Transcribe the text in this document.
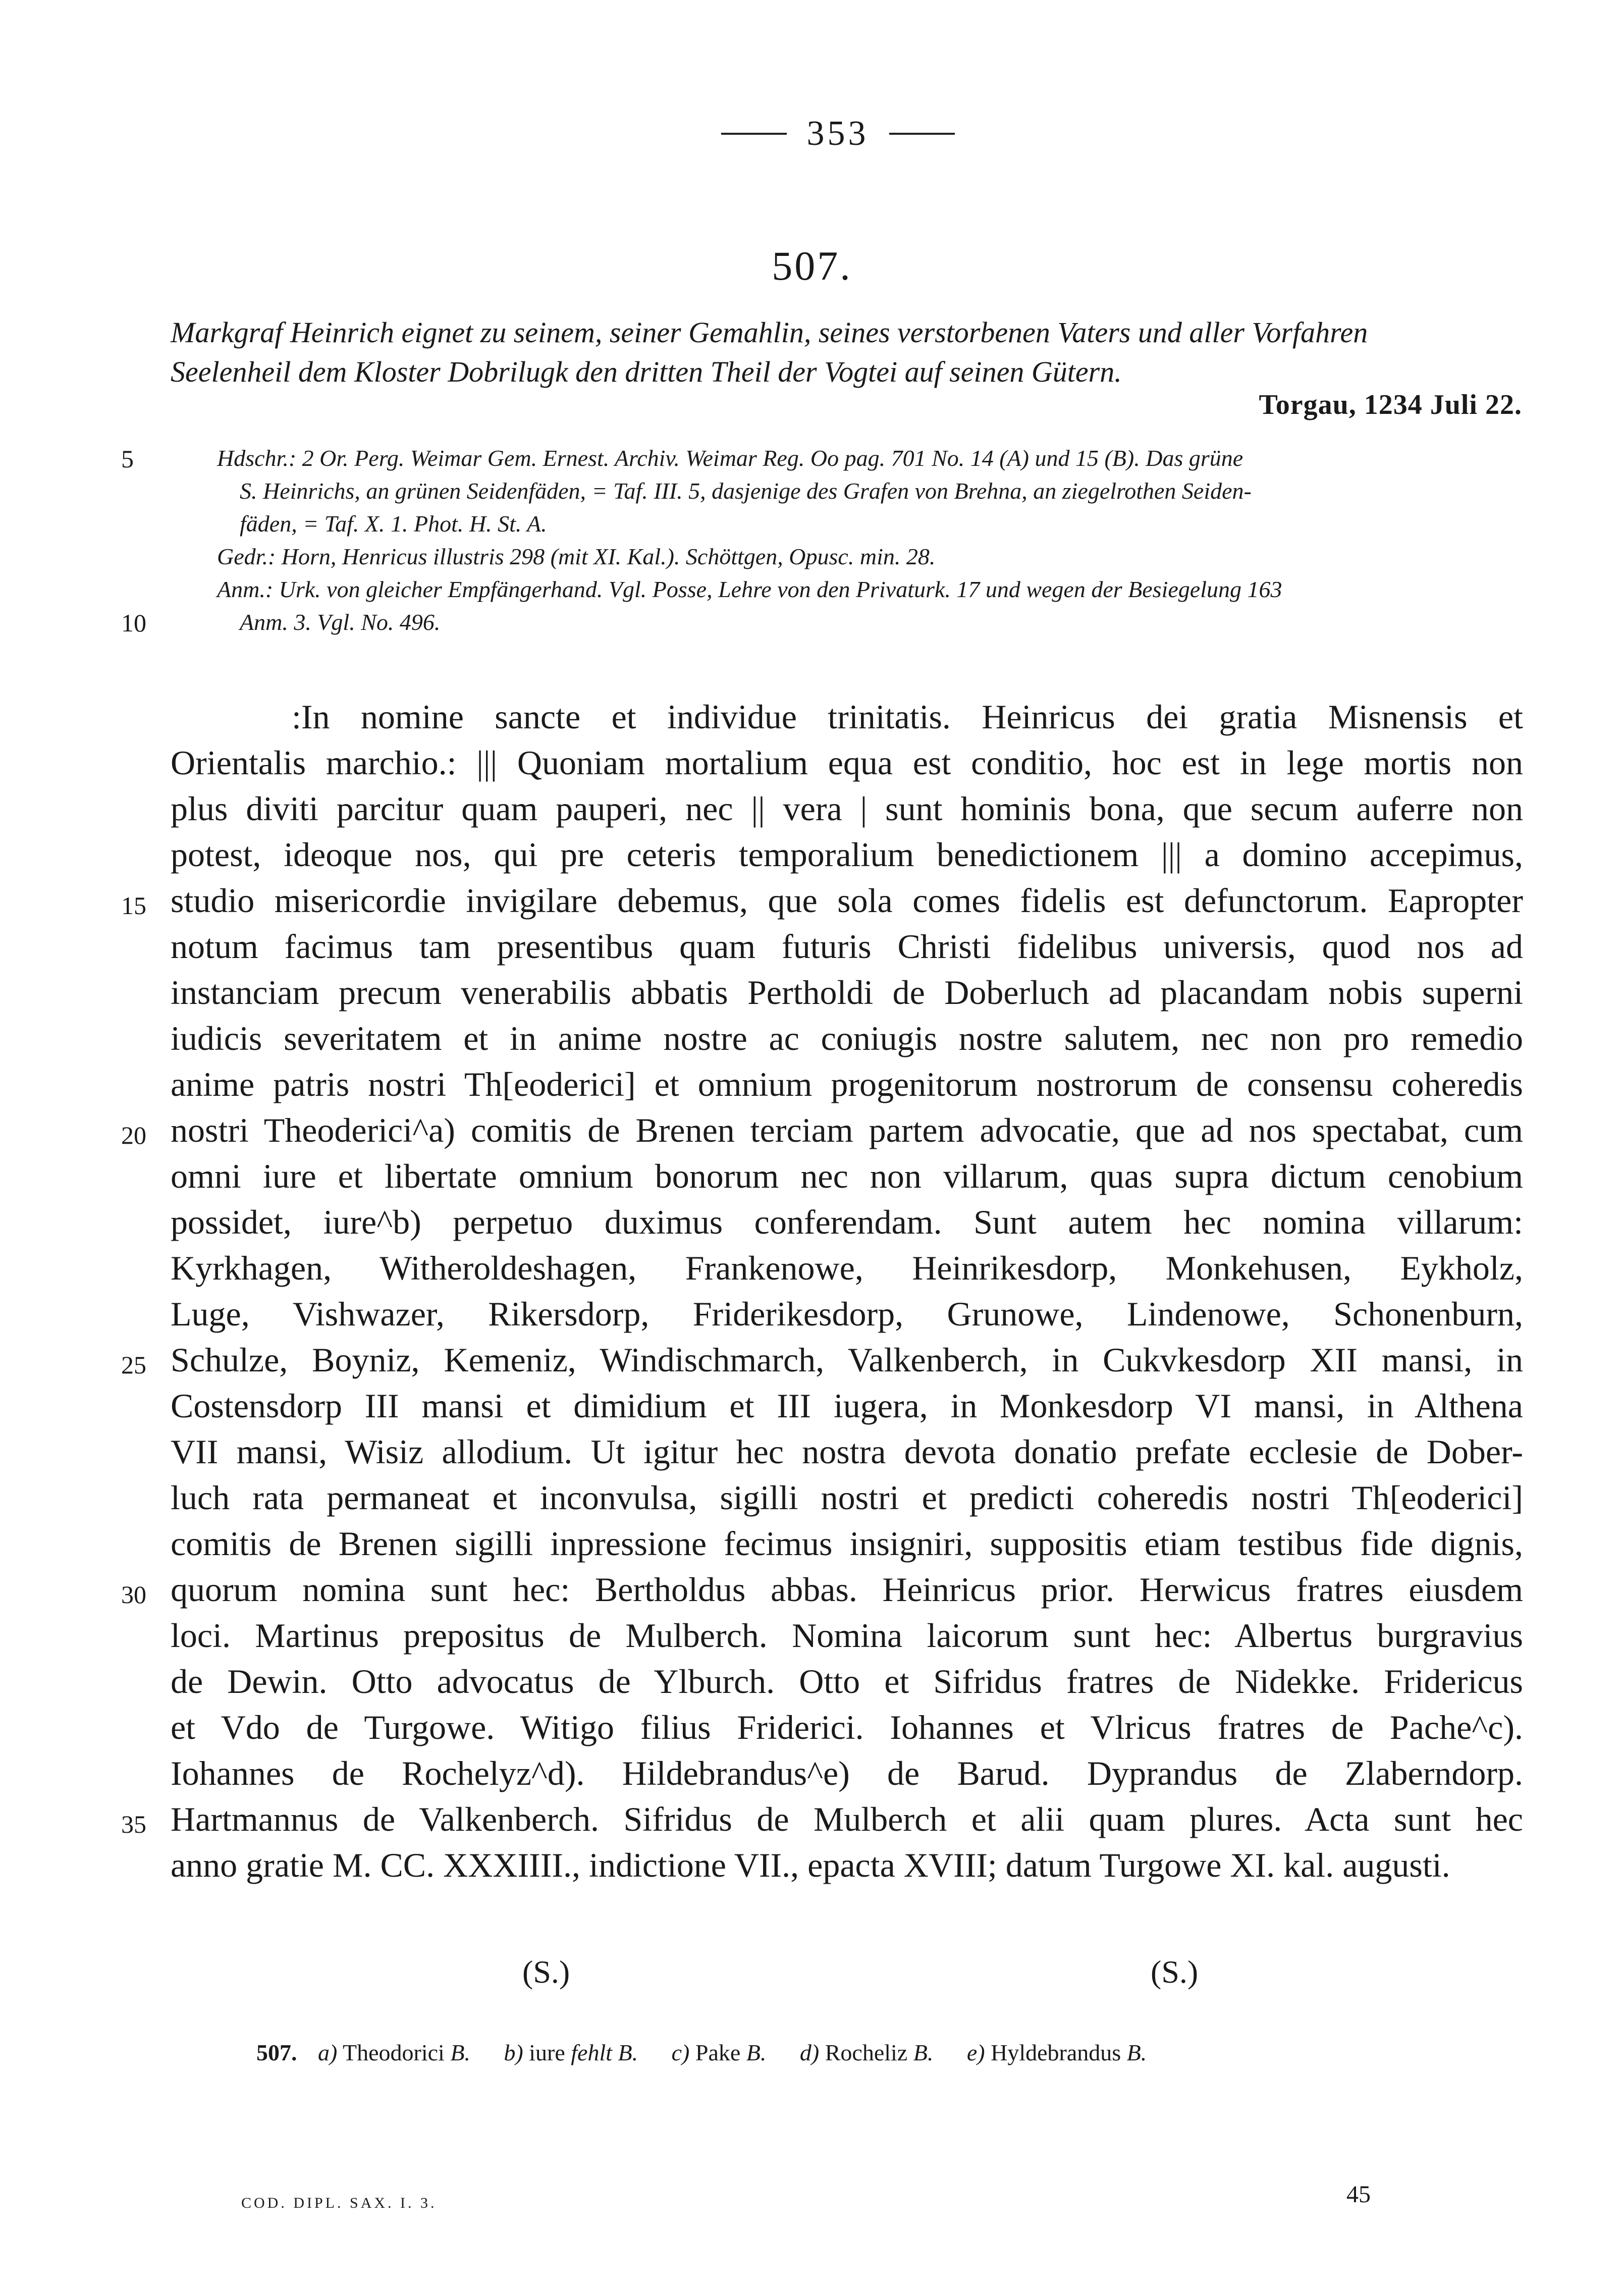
353
507.
Markgraf Heinrich eignet zu seinem, seiner Gemahlin, seines verstorbenen Vaters und aller Vorfahren
Seelenheil dem Kloster Dobrilugk den dritten Theil der Vogtei auf seinen Gütern.
Torgau, 1234 Juli 22.
Hdschr.: 2 Or. Perg. Weimar Gem. Ernest. Archiv. Weimar Reg. Oo pag. 701 No. 14 (A) und 15 (B). Das grüne
S. Heinrichs, an grünen Seidenfäden, = Taf. III. 5, dasjenige des Grafen von Brehna, an ziegelrothen Seiden-
fäden, = Taf. X. 1. Phot. H. St. A.
Gedr.: Horn, Henricus illustris 298 (mit XI. Kal.). Schöttgen, Opusc. min. 28.
Anm.: Urk. von gleicher Empfängerhand. Vgl. Posse, Lehre von den Privaturk. 17 und wegen der Besiegelung 163
Anm. 3. Vgl. No. 496.
5
10
:In nomine sancte et individue trinitatis. Heinricus dei gratia Misnensis et
Orientalis marchio.: ||| Quoniam mortalium equa est conditio, hoc est in lege mortis non
plus diviti parcitur quam pauperi, nec || vera | sunt hominis bona, que secum auferre non
potest, ideoque nos, qui pre ceteris temporalium benedictionem ||| a domino accepimus,
studio misericordie invigilare debemus, que sola comes fidelis est defunctorum. Eapropter
notum facimus tam presentibus quam futuris Christi fidelibus universis, quod nos ad
instanciam precum venerabilis abbatis Pertholdi de Doberluch ad placandam nobis superni
iudicis severitatem et in anime nostre ac coniugis nostre salutem, nec non pro remedio
anime patris nostri Th[eoderici] et omnium progenitorum nostrorum de consensu coheredis
nostri Theoderici^a) comitis de Brenen terciam partem advocatie, que ad nos spectabat, cum
omni iure et libertate omnium bonorum nec non villarum, quas supra dictum cenobium
possidet, iure^b) perpetuo duximus conferendam. Sunt autem hec nomina villarum:
Kyrkhagen, Witheroldeshagen, Frankenowe, Heinrikesdorp, Monkehusen, Eykholz,
Luge, Vishwazer, Rikersdorp, Friderikesdorp, Grunowe, Lindenowe, Schonenburn,
Schulze, Boyniz, Kemeniz, Windischmarch, Valkenberch, in Cukvkesdorp XII mansi, in
Costensdorp III mansi et dimidium et III iugera, in Monkesdorp VI mansi, in Althena
VII mansi, Wisiz allodium. Ut igitur hec nostra devota donatio prefate ecclesie de Dober-
luch rata permaneat et inconvulsa, sigilli nostri et predicti coheredis nostri Th[eoderici]
comitis de Brenen sigilli inpressione fecimus insigniri, suppositis etiam testibus fide dignis,
quorum nomina sunt hec: Bertholdus abbas. Heinricus prior. Herwicus fratres eiusdem
loci. Martinus prepositus de Mulberch. Nomina laicorum sunt hec: Albertus burgravius
de Dewin. Otto advocatus de Ylburch. Otto et Sifridus fratres de Nidekke. Fridericus
et Vdo de Turgowe. Witigo filius Friderici. Iohannes et Vlricus fratres de Pache^c).
Iohannes de Rochelyz^d). Hildebrandus^e) de Barud. Dyprandus de Zlaberndorp.
Hartmannus de Valkenberch. Sifridus de Mulberch et alii quam plures. Acta sunt hec
anno gratie M. CC. XXXIIII., indictione VII., epacta XVIII; datum Turgowe XI. kal. augusti.
15
20
25
30
35
(S.)	(S.)
507. a) Theodorici B. b) iure fehlt B. c) Pake B. d) Rocheliz B. e) Hyldebrandus B.
COD. DIPL. SAX. I. 3.	45
